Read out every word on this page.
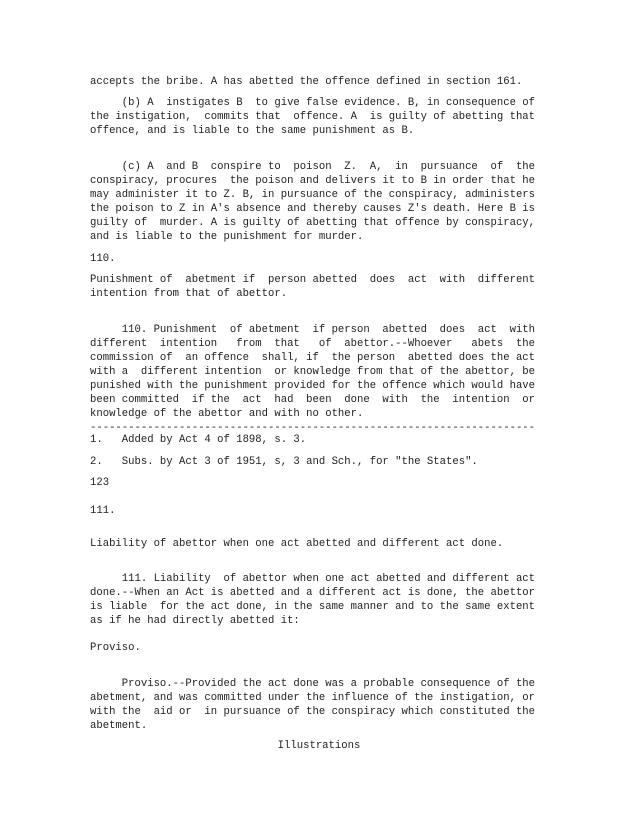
accepts the bribe. A has abetted the offence defined in section 161.
(b) A  instigates B  to give false evidence. B, in consequence of
the instigation,  commits that  offence. A  is guilty of abetting that
offence, and is liable to the same punishment as B.
(c) A  and B  conspire to  poison  Z.  A,  in  pursuance  of  the
conspiracy, procures  the poison and delivers it to B in order that he
may administer it to Z. B, in pursuance of the conspiracy, administers
the poison to Z in A's absence and thereby causes Z's death. Here B is
guilty of  murder. A is guilty of abetting that offence by conspiracy,
and is liable to the punishment for murder.
110.
Punishment of  abetment if  person abetted  does  act  with  different
intention from that of abettor.
110. Punishment  of abetment  if person  abetted  does  act  with
different  intention   from  that   of  abettor.--Whoever   abets  the
commission of  an offence  shall, if  the person  abetted does the act
with a  different intention  or knowledge from that of the abettor, be
punished with the punishment provided for the offence which would have
been committed  if the  act  had  been  done  with  the  intention  or
knowledge of the abettor and with no other.
----------------------------------------------------------------------
1.   Added by Act 4 of 1898, s. 3.
2.   Subs. by Act 3 of 1951, s, 3 and Sch., for "the States".
123
111.
Liability of abettor when one act abetted and different act done.
111. Liability  of abettor when one act abetted and different act
done.--When an Act is abetted and a different act is done, the abettor
is liable  for the act done, in the same manner and to the same extent
as if he had directly abetted it:
Proviso.
Proviso.--Provided the act done was a probable consequence of the
abetment, and was committed under the influence of the instigation, or
with the  aid or  in pursuance of the conspiracy which constituted the
abetment.
Illustrations
